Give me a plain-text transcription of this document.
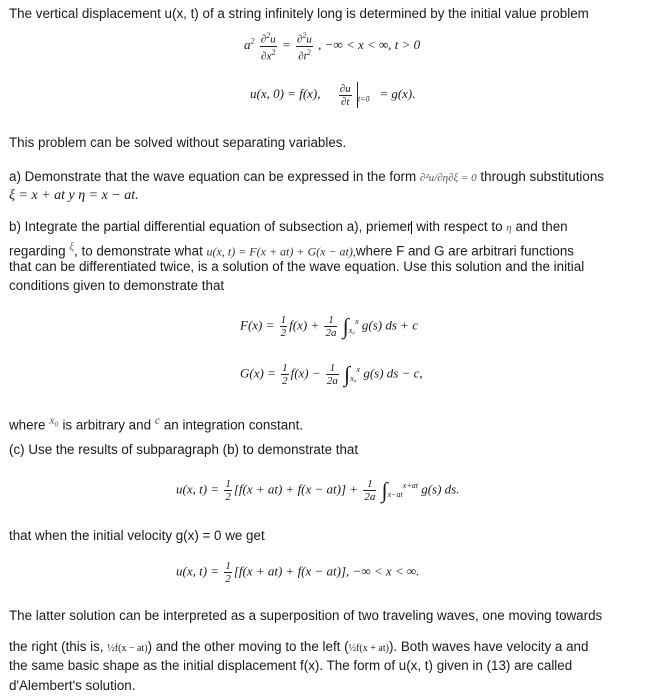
The vertical displacement u(x, t) of a string infinitely long is determined by the initial value problem
$a^2 \frac{\partial^2u}{\partial x^2} = \frac{\partial^2u}{\partial t^2}$ , −∞ < x < ∞, t > 0
u(x, 0) = f(x), $\frac{\partial u}{\partial t} _{t=0} = g(x)$.
This problem can be solved without separating variables.
a) Demonstrate that the wave equation can be expressed in the form ∂²u/∂η∂ξ = 0 through substitutions
ξ = x + at y η = x − at.
b) Integrate the partial differential equation of subsection a), priemer with respect to η and then
regarding $^\xi$, to demonstrate what u(x, t) = F(x + at) + G(x − at),where F and G are arbitrari functions
that can be differentiated twice, is a solution of the wave equation. Use this solution and the initial
conditions given to demonstrate that
$F(x) = \frac{1}{2} f(x) + \frac{1}{2a} \int_{x_0}^x$ g(s) ds + c
$G(x) = \frac{1}{2} f(x) - \frac{1}{2a} \int_{x_0}^x$ g(s) ds − c,
where x₀ is arbitrary and c an integration constant.
(c) Use the results of subparagraph (b) to demonstrate that
u(x, $t) = \frac{1}{2} [f(x + at) + f(x - at)] + \frac{1}{2a} \int_{x-at}^{x+at}$ g(s) ds.
that when the initial velocity g(x) = 0 we get
u(x, $t) = \frac{1}{2} [f(x + at) + f(x - at)]$, −∞ < x < ∞.
The latter solution can be interpreted as a superposition of two traveling waves, one moving towards
the right (this is, ½f(x − at)) and the other moving to the left (½f(x + at)). Both waves have velocity a and
the same basic shape as the initial displacement f(x). The form of u(x, t) given in (13) are called
d'Alembert's solution.
